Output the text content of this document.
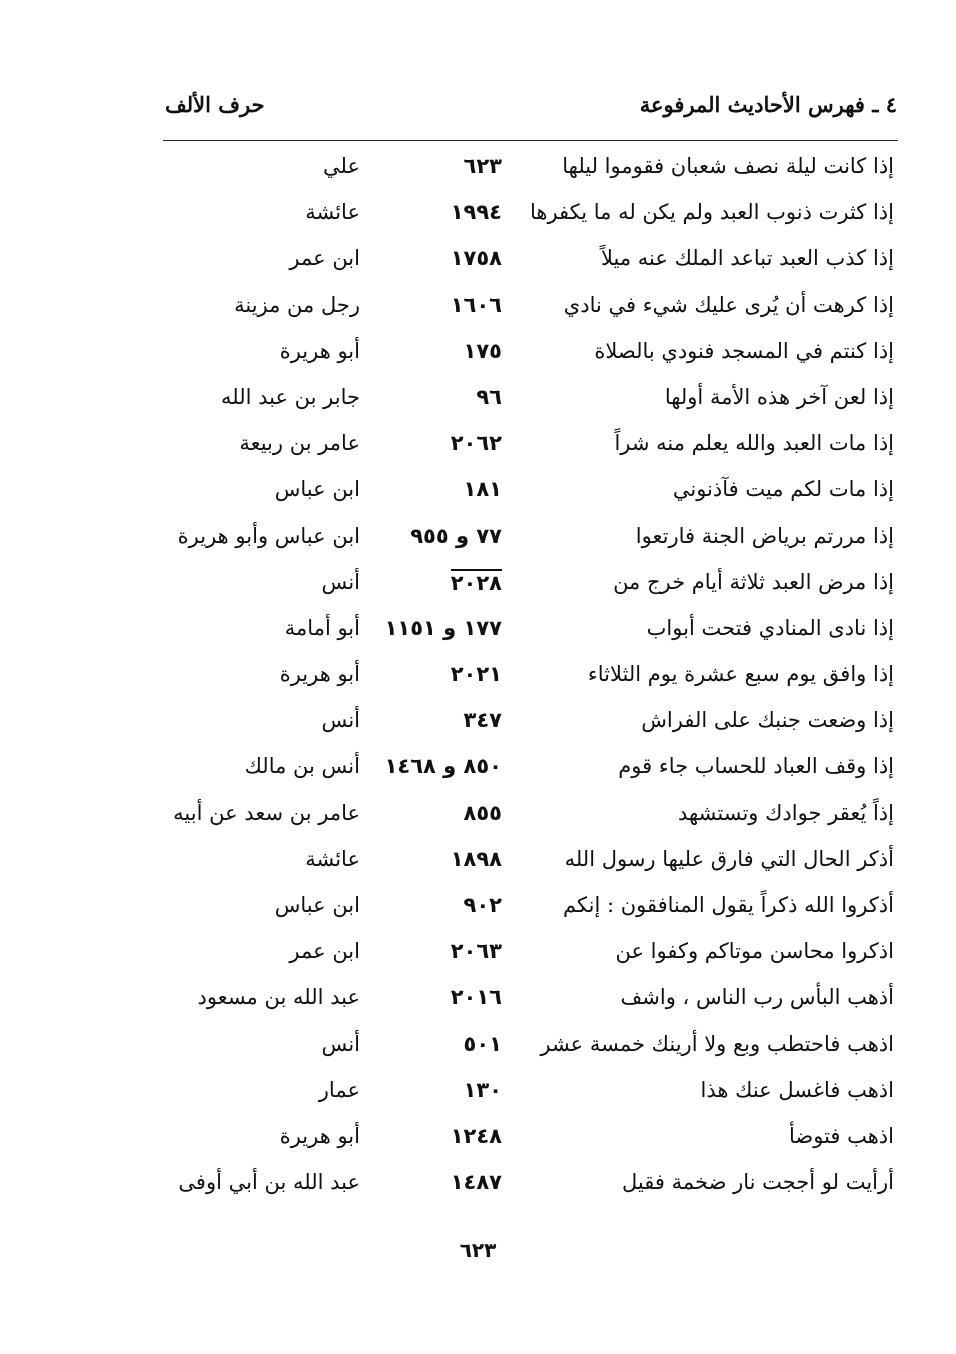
٤ ـ فهرس الأحاديث المرفوعة
حرف الألف
إذا كانت ليلة نصف شعبان فقوموا ليلها
٦٢٣
علي
إذا كثرت ذنوب العبد ولم يكن له ما يكفرها
١٩٩٤
عائشة
إذا كذب العبد تباعد الملك عنه ميلاً
١٧٥٨
ابن عمر
إذا كرهت أن يُرى عليك شيء في نادي
١٦٠٦
رجل من مزينة
إذا كنتم في المسجد فنودي بالصلاة
١٧٥
أبو هريرة
إذا لعن آخر هذه الأمة أولها
٩٦
جابر بن عبد الله
إذا مات العبد والله يعلم منه شراً
٢٠٦٢
عامر بن ربيعة
إذا مات لكم ميت فآذنوني
١٨١
ابن عباس
إذا مررتم برياض الجنة فارتعوا
٧٧ و ٩٥٥
ابن عباس وأبو هريرة
إذا مرض العبد ثلاثة أيام خرج من
٢٠٢٨
أنس
إذا نادى المنادي فتحت أبواب
١٧٧ و ١١٥١
أبو أمامة
إذا وافق يوم سبع عشرة يوم الثلاثاء
٢٠٢١
أبو هريرة
إذا وضعت جنبك على الفراش
٣٤٧
أنس
إذا وقف العباد للحساب جاء قوم
٨٥٠ و ١٤٦٨
أنس بن مالك
إذاً يُعقر جوادك وتستشهد
٨٥٥
عامر بن سعد عن أبيه
أذكر الحال التي فارق عليها رسول الله
١٨٩٨
عائشة
أذكروا الله ذكراً يقول المنافقون : إنكم
٩٠٢
ابن عباس
اذكروا محاسن موتاكم وكفوا عن
٢٠٦٣
ابن عمر
أذهب البأس رب الناس ، واشف
٢٠١٦
عبد الله بن مسعود
اذهب فاحتطب وبع ولا أرينك خمسة عشر
٥٠١
أنس
اذهب فاغسل عنك هذا
١٣٠
عمار
اذهب فتوضأ
١٢٤٨
أبو هريرة
أرأيت لو أججت نار ضخمة فقيل
١٤٨٧
عبد الله بن أبي أوفى
٦٢٣
